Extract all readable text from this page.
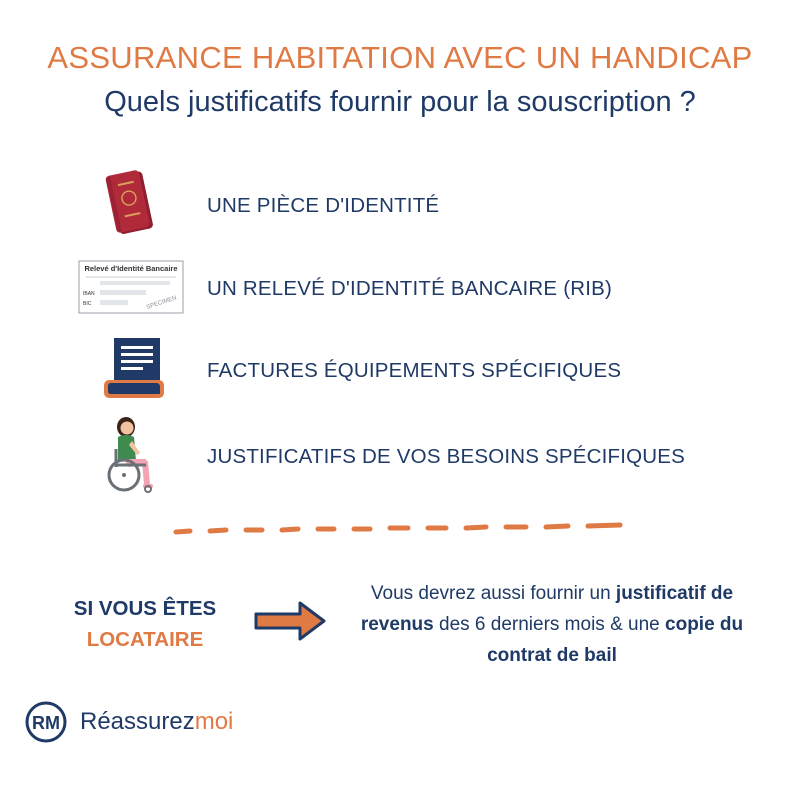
ASSURANCE HABITATION AVEC UN HANDICAP
Quels justificatifs fournir pour la souscription ?
UNE PIÈCE D'IDENTITÉ
Relevé d'Identité Bancaire
IBAN
BIC	SPECIMEN
UN RELEVÉ D'IDENTITÉ BANCAIRE (RIB)
FACTURES ÉQUIPEMENTS SPÉCIFIQUES
JUSTIFICATIFS DE VOS BESOINS SPÉCIFIQUES
SI VOUS ÊTES
LOCATAIRE
Vous devrez aussi fournir un justificatif de revenus des 6 derniers mois & une copie du contrat de bail
RM Réassurezmoi
